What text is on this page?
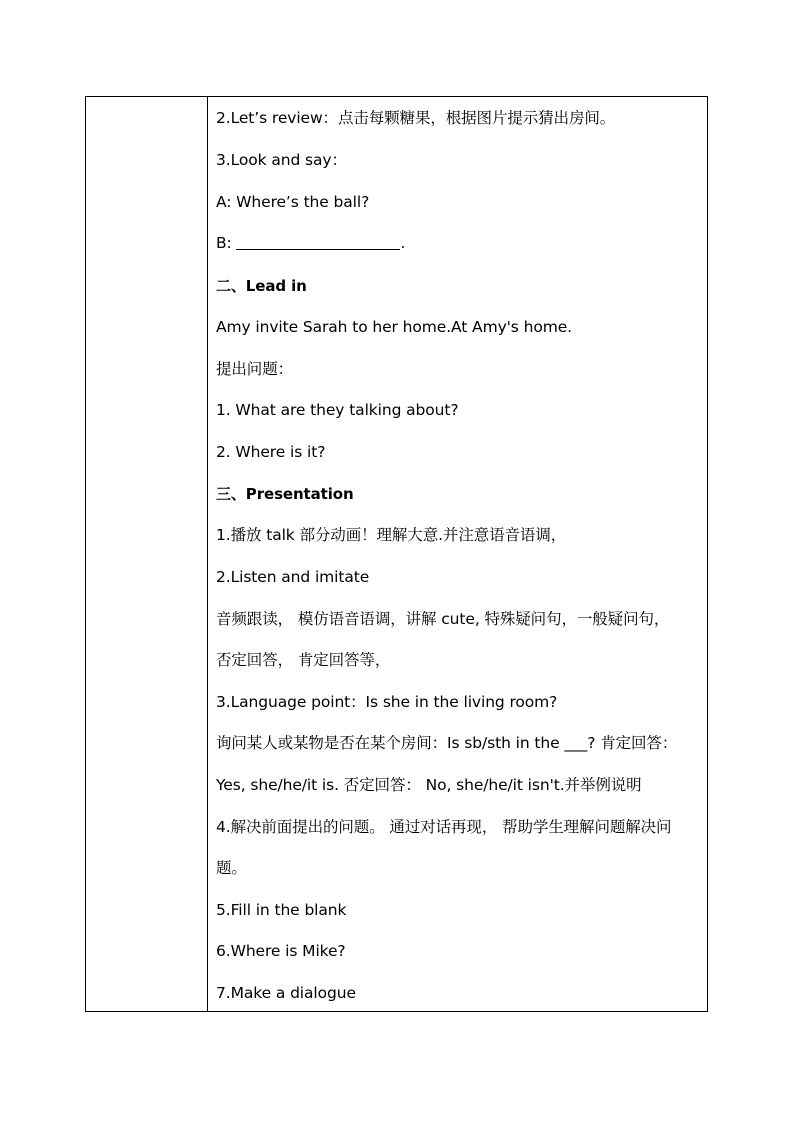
2.Let’s review：点击每颗糖果，根据图片提示猜出房间。
3.Look and say：
A: Where’s the ball?
B:	.
二、Lead in
Amy invite Sarah to her home.At Amy's home.
提出问题：
1. What are they talking about?
2. Where is it?
三、Presentation
1.播放 talk 部分动画！理解大意.并注意语音语调，
2.Listen and imitate
音频跟读， 模仿语音语调，讲解 cute, 特殊疑问句，一般疑问句，
否定回答， 肯定回答等，
3.Language point：Is she in the living room?
询问某人或某物是否在某个房间：Is sb/sth in the ___? 肯定回答：
Yes, she/he/it is. 否定回答： No, she/he/it isn't.并举例说明
4.解决前面提出的问题。 通过对话再现， 帮助学生理解问题解决问
题。
5.Fill in the blank
6.Where is Mike?
7.Make a dialogue
